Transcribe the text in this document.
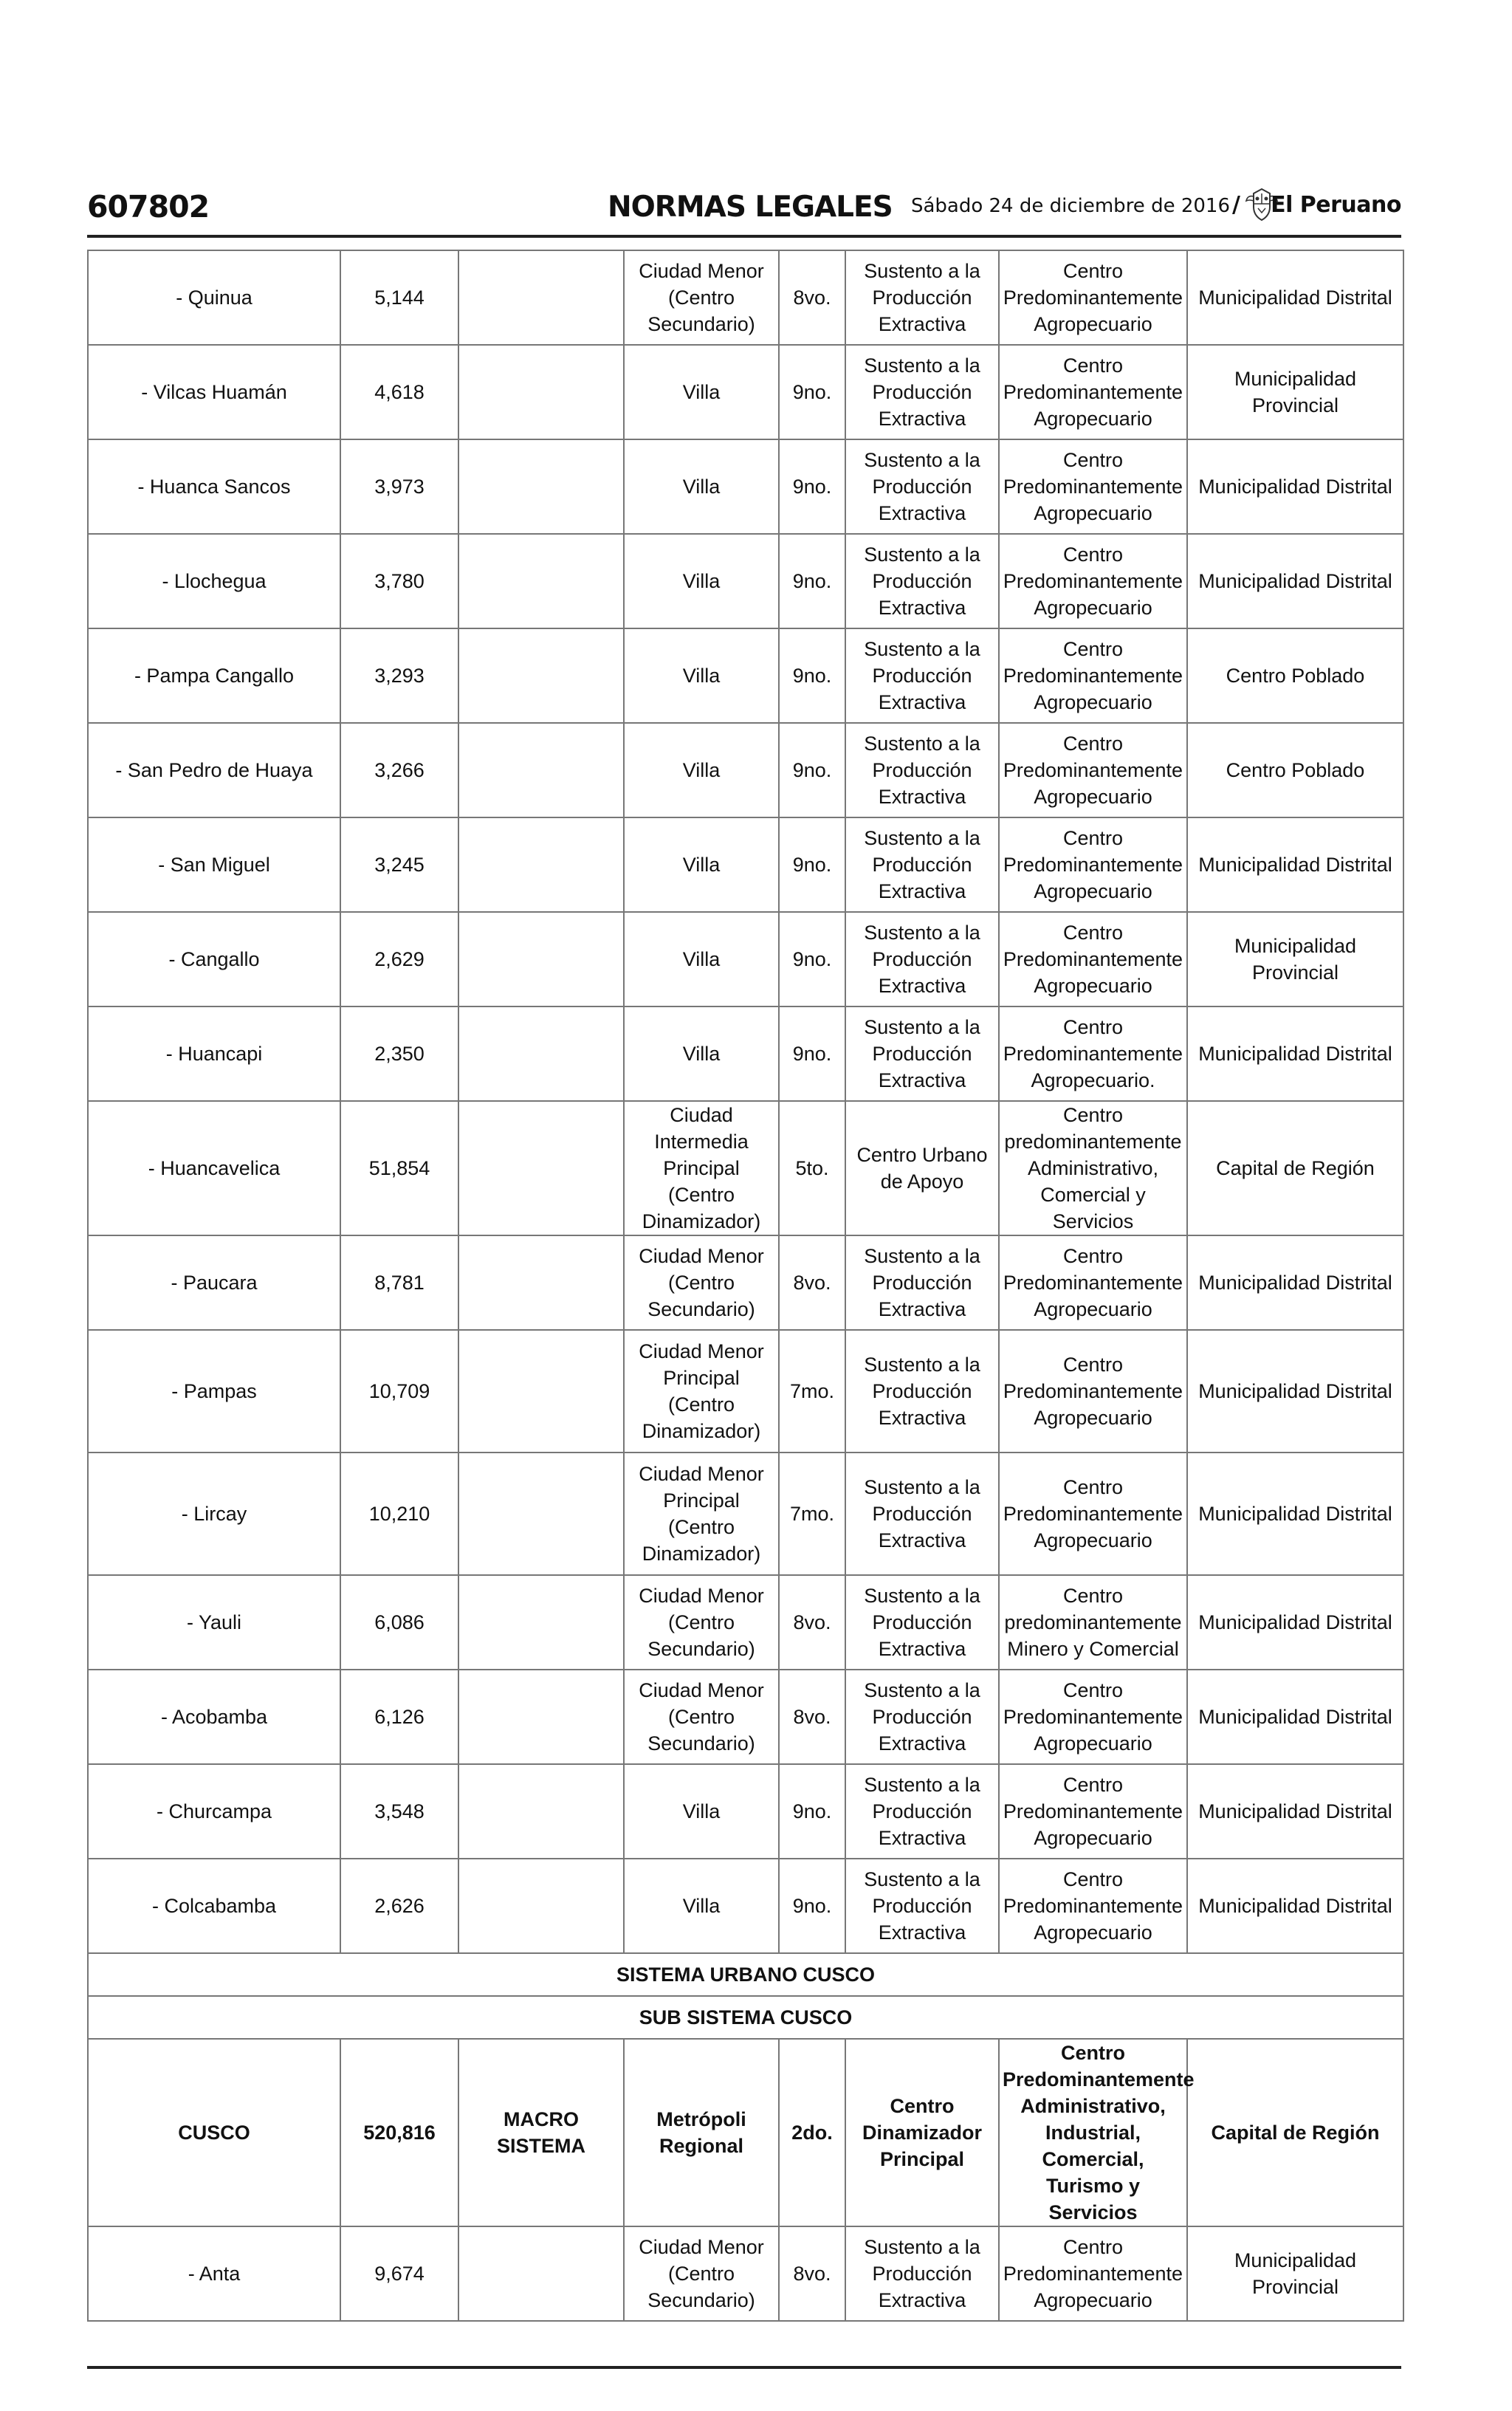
607802	NORMAS LEGALES Sábado 24 de diciembre de 2016 / El Peruano
- Quinua	5,144		Ciudad Menor
(Centro
Secundario)	8vo.	Sustento a la
Producción
Extractiva	Centro
Predominantemente
Agropecuario	Municipalidad Distrital
- Vilcas Huamán	4,618		Villa	9no.	Sustento a la
Producción
Extractiva	Centro
Predominantemente
Agropecuario	Municipalidad Provincial
- Huanca Sancos	3,973		Villa	9no.	Sustento a la
Producción
Extractiva	Centro
Predominantemente
Agropecuario	Municipalidad Distrital
- Llochegua	3,780		Villa	9no.	Sustento a la
Producción
Extractiva	Centro
Predominantemente
Agropecuario	Municipalidad Distrital
- Pampa Cangallo	3,293		Villa	9no.	Sustento a la
Producción
Extractiva	Centro
Predominantemente
Agropecuario	Centro Poblado
- San Pedro de Huaya	3,266		Villa	9no.	Sustento a la
Producción
Extractiva	Centro
Predominantemente
Agropecuario	Centro Poblado
- San Miguel	3,245		Villa	9no.	Sustento a la
Producción
Extractiva	Centro
Predominantemente
Agropecuario	Municipalidad Distrital
- Cangallo	2,629		Villa	9no.	Sustento a la
Producción
Extractiva	Centro
Predominantemente
Agropecuario	Municipalidad Provincial
- Huancapi	2,350		Villa	9no.	Sustento a la
Producción
Extractiva	Centro
Predominantemente
Agropecuario.	Municipalidad Distrital
- Huancavelica	51,854		Ciudad Intermedia
Principal
(Centro
Dinamizador)	5to.	Centro Urbano
de Apoyo	Centro
predominantemente
Administrativo,
Comercial y Servicios	Capital de Región
- Paucara	8,781		Ciudad Menor
(Centro
Secundario)	8vo.	Sustento a la
Producción
Extractiva	Centro
Predominantemente
Agropecuario	Municipalidad Distrital
- Pampas	10,709		Ciudad Menor
Principal
(Centro
Dinamizador)	7mo.	Sustento a la
Producción
Extractiva	Centro
Predominantemente
Agropecuario	Municipalidad Distrital
- Lircay	10,210		Ciudad Menor
Principal
(Centro
Dinamizador)	7mo.	Sustento a la
Producción
Extractiva	Centro
Predominantemente
Agropecuario	Municipalidad Distrital
- Yauli	6,086		Ciudad Menor
(Centro
Secundario)	8vo.	Sustento a la
Producción
Extractiva	Centro
predominantemente
Minero y Comercial	Municipalidad Distrital
- Acobamba	6,126		Ciudad Menor
(Centro
Secundario)	8vo.	Sustento a la
Producción
Extractiva	Centro
Predominantemente
Agropecuario	Municipalidad Distrital
- Churcampa	3,548		Villa	9no.	Sustento a la
Producción
Extractiva	Centro
Predominantemente
Agropecuario	Municipalidad Distrital
- Colcabamba	2,626		Villa	9no.	Sustento a la
Producción
Extractiva	Centro
Predominantemente
Agropecuario	Municipalidad Distrital
SISTEMA URBANO CUSCO							
SUB SISTEMA CUSCO							
CUSCO	520,816	MACRO SISTEMA	Metrópoli
Regional	2do.	Centro
Dinamizador
Principal	Centro
Predominantemente
Administrativo,
Industrial, Comercial,
Turismo y Servicios	Capital de Región
- Anta	9,674		Ciudad Menor
(Centro
Secundario)	8vo.	Sustento a la
Producción
Extractiva	Centro
Predominantemente
Agropecuario	Municipalidad Provincial
